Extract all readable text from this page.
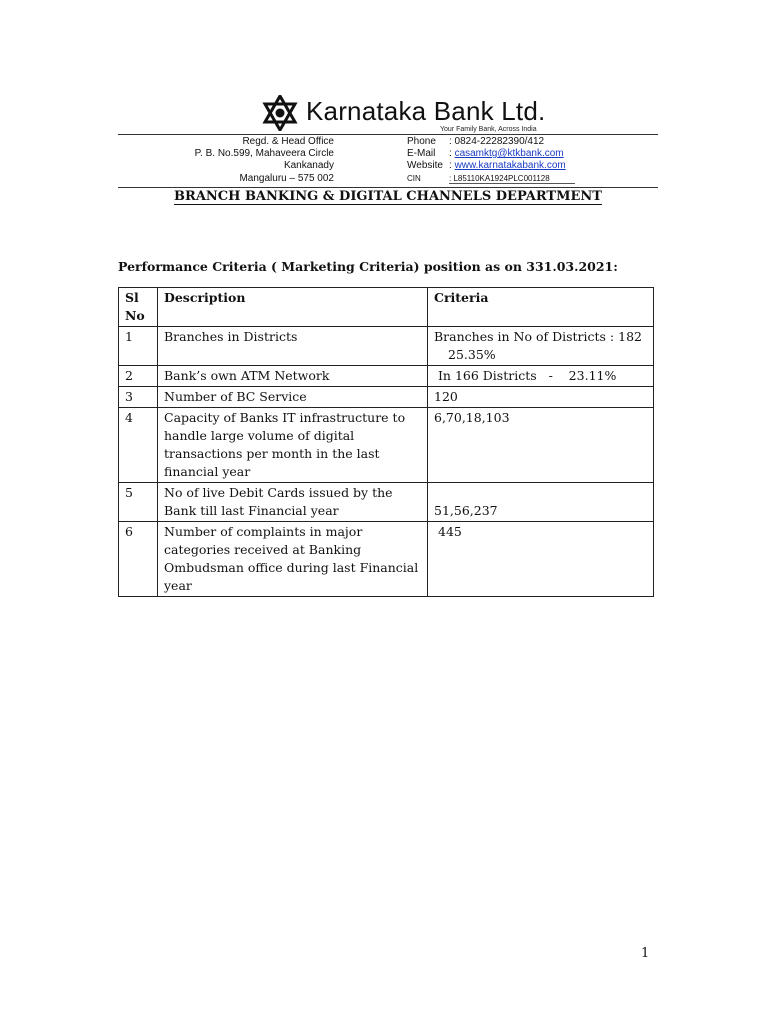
Karnataka Bank Ltd.
Your Family Bank, Across India
Regd. & Head Office
P. B. No.599, Mahaveera Circle
Kankanady
Mangaluru – 575 002
Phone : 0824-22282390/412
E-Mail : casamktg@ktkbank.com
Website : www.karnatakabank.com
CIN	: L85110KA1924PLC001128
BRANCH BANKING & DIGITAL CHANNELS DEPARTMENT
Performance Criteria ( Marketing Criteria) position as on 331.03.2021:
Sl No	Description	Criteria
1	Branches in Districts	Branches in No of Districts : 182
25.35%

2	Bank’s own ATM Network	In 166 Districts   -    23.11%
3	Number of BC Service	120
4	Capacity of Banks IT infrastructure to handle large volume of digital transactions per month in the last financial year	6,70,18,103
5	No of live Debit Cards issued by the Bank till last Financial year	51,56,237
6	Number of complaints in major categories received at Banking Ombudsman office during last Financial year	445
1
